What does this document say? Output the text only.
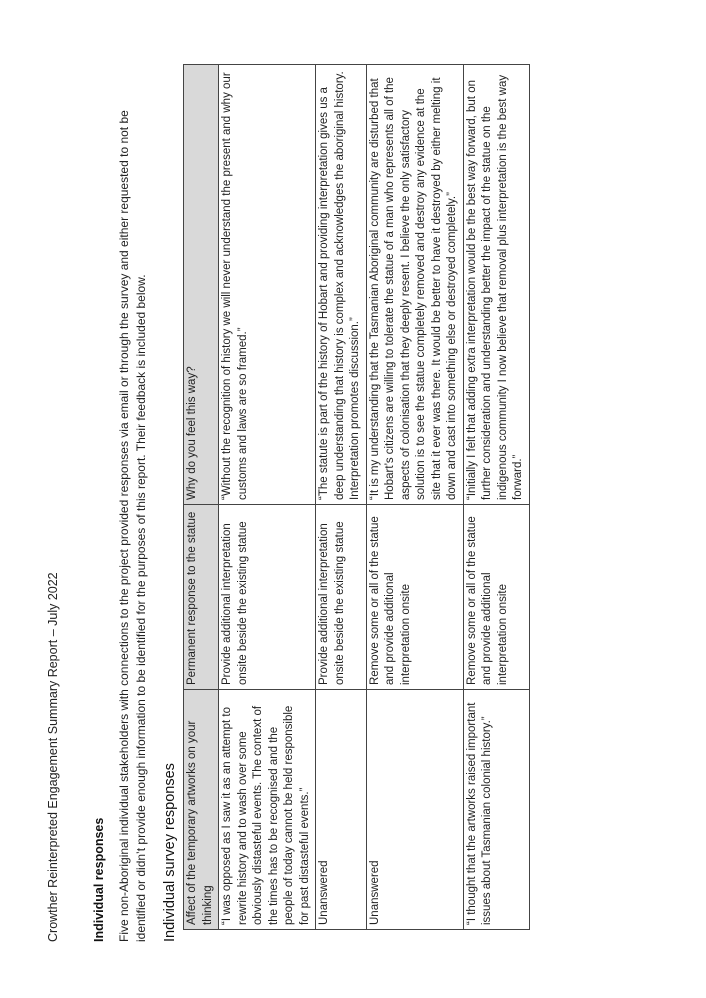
Crowther Reinterpreted Engagement Summary Report – July 2022	Individual responses Five non-Aboriginal individual stakeholders with connections to the project provided responses via email or through the survey and either requested to not be identified or didn’t provide enough information to be identified for the purposes of this report. Their feedback is included below. Individual survey responses Affect of the temporary artworks on your thinking	Permanent response to the statue	Why do you feel this way?
“I was opposed as I saw it as an attempt to rewrite history and to wash over some obviously distasteful events. The context of the times has to be recognised and the people of today cannot be held responsible for past distasteful events.”	Provide additional interpretation onsite beside the existing statue	“Without the recognition of history we will never understand the present and why our customs and laws are so framed.”
Unanswered	Provide additional interpretation onsite beside the existing statue	“The statute is part of the history of Hobart and providing interpretation gives us a deep understanding that history is complex and acknowledges the aboriginal history. Interpretation promotes discussion.”
Unanswered	Remove some or all of the statue and provide additional interpretation onsite	“It is my understanding that the Tasmanian Aboriginal community are disturbed that Hobart’s citizens are willing to tolerate the statue of a man who represents all of the aspects of colonisation that they deeply resent. I believe the only satisfactory solution is to see the statue completely removed and destroy any evidence at the site that it ever was there. It would be better to have it destroyed by either melting it down and cast into something else or destroyed completely.”
“I thought that the artworks raised important issues about Tasmanian colonial history.”	Remove some or all of the statue and provide additional interpretation onsite	“Initially I felt that adding extra interpretation would be the best way forward, but on further consideration and understanding better the impact of the statue on the indigenous community I now believe that removal plus interpretation is the best way forward.”
